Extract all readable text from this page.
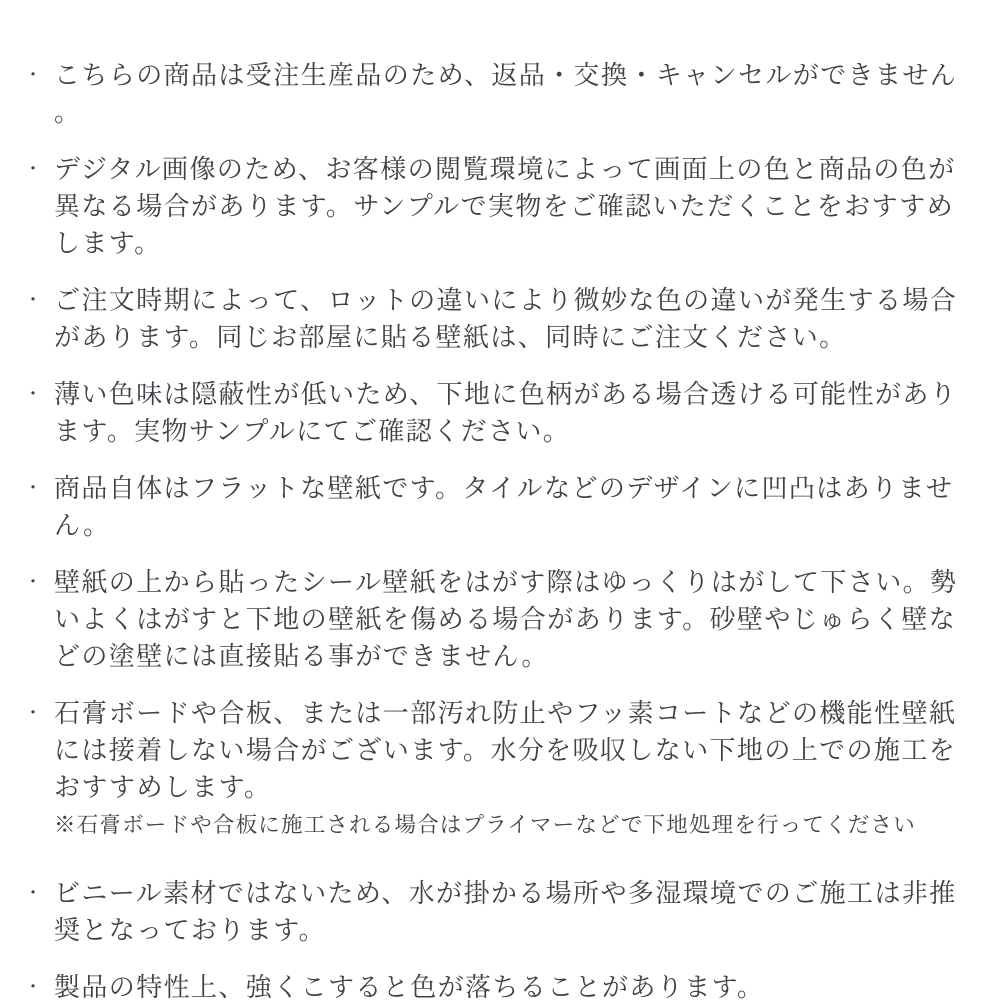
・ こちらの商品は受注生産品のため、返品・交換・キャンセルができません。
・ デジタル画像のため、お客様の閲覧環境によって画面上の色と商品の色が異なる場合があります。サンプルで実物をご確認いただくことをおすすめします。
・ ご注文時期によって、ロットの違いにより微妙な色の違いが発生する場合があります。同じお部屋に貼る壁紙は、同時にご注文ください。
・ 薄い色味は隠蔽性が低いため、下地に色柄がある場合透ける可能性があります。実物サンプルにてご確認ください。
・ 商品自体はフラットな壁紙です。タイルなどのデザインに凹凸はありません。
・ 壁紙の上から貼ったシール壁紙をはがす際はゆっくりはがして下さい。勢いよくはがすと下地の壁紙を傷める場合があります。砂壁やじゅらく壁などの塗壁には直接貼る事ができません。
・ 石膏ボードや合板、または一部汚れ防止やフッ素コートなどの機能性壁紙には接着しない場合がございます。水分を吸収しない下地の上での施工をおすすめします。
※石膏ボードや合板に施工される場合はプライマーなどで下地処理を行ってください
・ ビニール素材ではないため、水が掛かる場所や多湿環境でのご施工は非推奨となっております。
・ 製品の特性上、強くこすると色が落ちることがあります。
